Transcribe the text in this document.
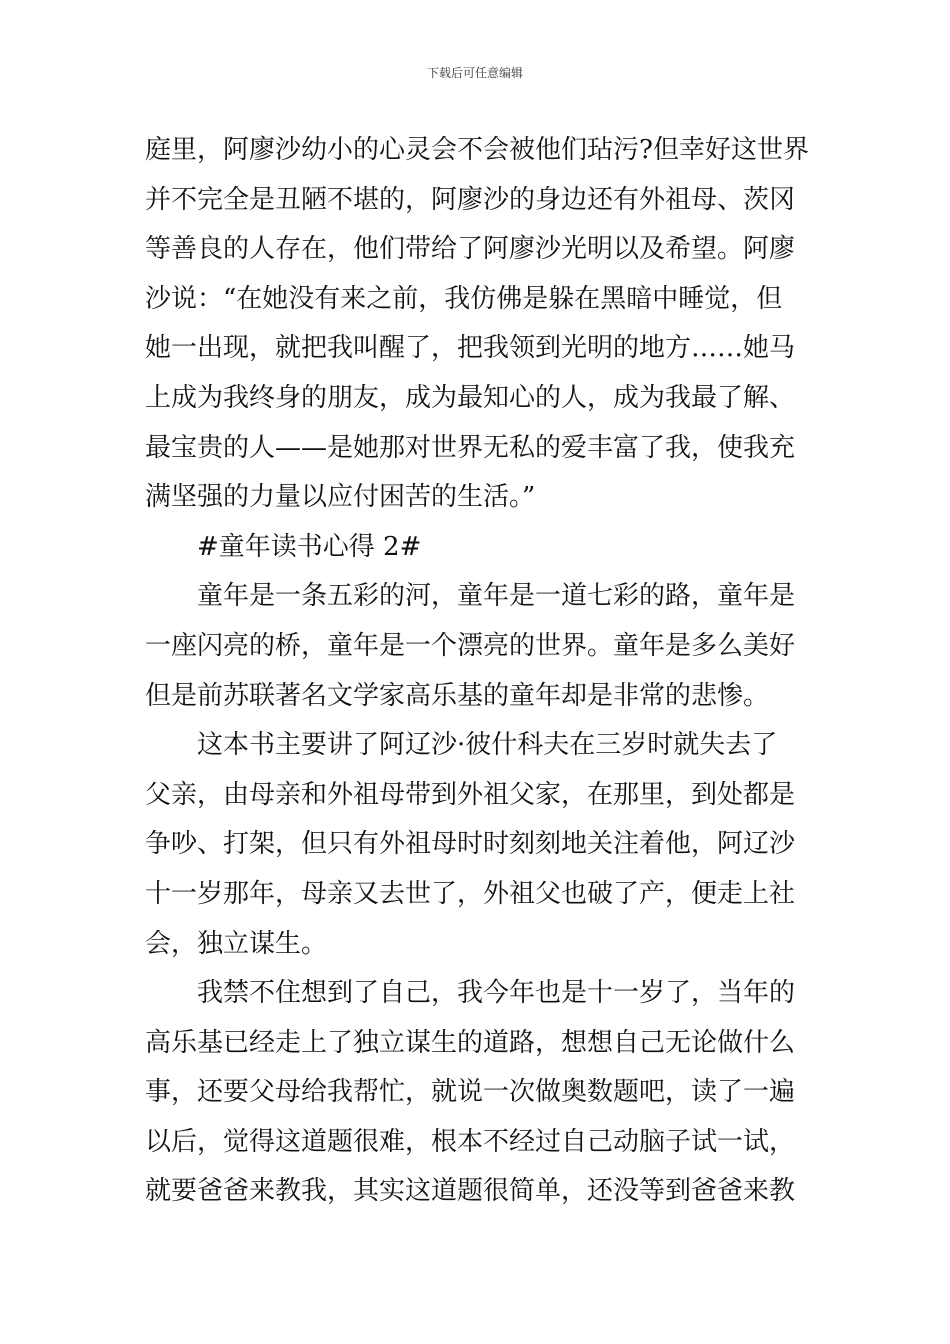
下载后可任意编辑
庭里，阿廖沙幼小的心灵会不会被他们玷污?但幸好这世界
并不完全是丑陋不堪的，阿廖沙的身边还有外祖母、茨冈
等善良的人存在，他们带给了阿廖沙光明以及希望。阿廖
沙说：“在她没有来之前，我仿佛是躲在黑暗中睡觉，但
她一出现，就把我叫醒了，把我领到光明的地方……她马
上成为我终身的朋友，成为最知心的人，成为我最了解、
最宝贵的人——是她那对世界无私的爱丰富了我，使我充
满坚强的力量以应付困苦的生活。”
#童年读书心得 2#
童年是一条五彩的河，童年是一道七彩的路，童年是
一座闪亮的桥，童年是一个漂亮的世界。童年是多么美好
但是前苏联著名文学家高乐基的童年却是非常的悲惨。
这本书主要讲了阿辽沙·彼什科夫在三岁时就失去了
父亲，由母亲和外祖母带到外祖父家，在那里，到处都是
争吵、打架，但只有外祖母时时刻刻地关注着他，阿辽沙
十一岁那年，母亲又去世了，外祖父也破了产，便走上社
会，独立谋生。
我禁不住想到了自己，我今年也是十一岁了，当年的
高乐基已经走上了独立谋生的道路，想想自己无论做什么
事，还要父母给我帮忙，就说一次做奥数题吧，读了一遍
以后，觉得这道题很难，根本不经过自己动脑子试一试，
就要爸爸来教我，其实这道题很简单，还没等到爸爸来教
